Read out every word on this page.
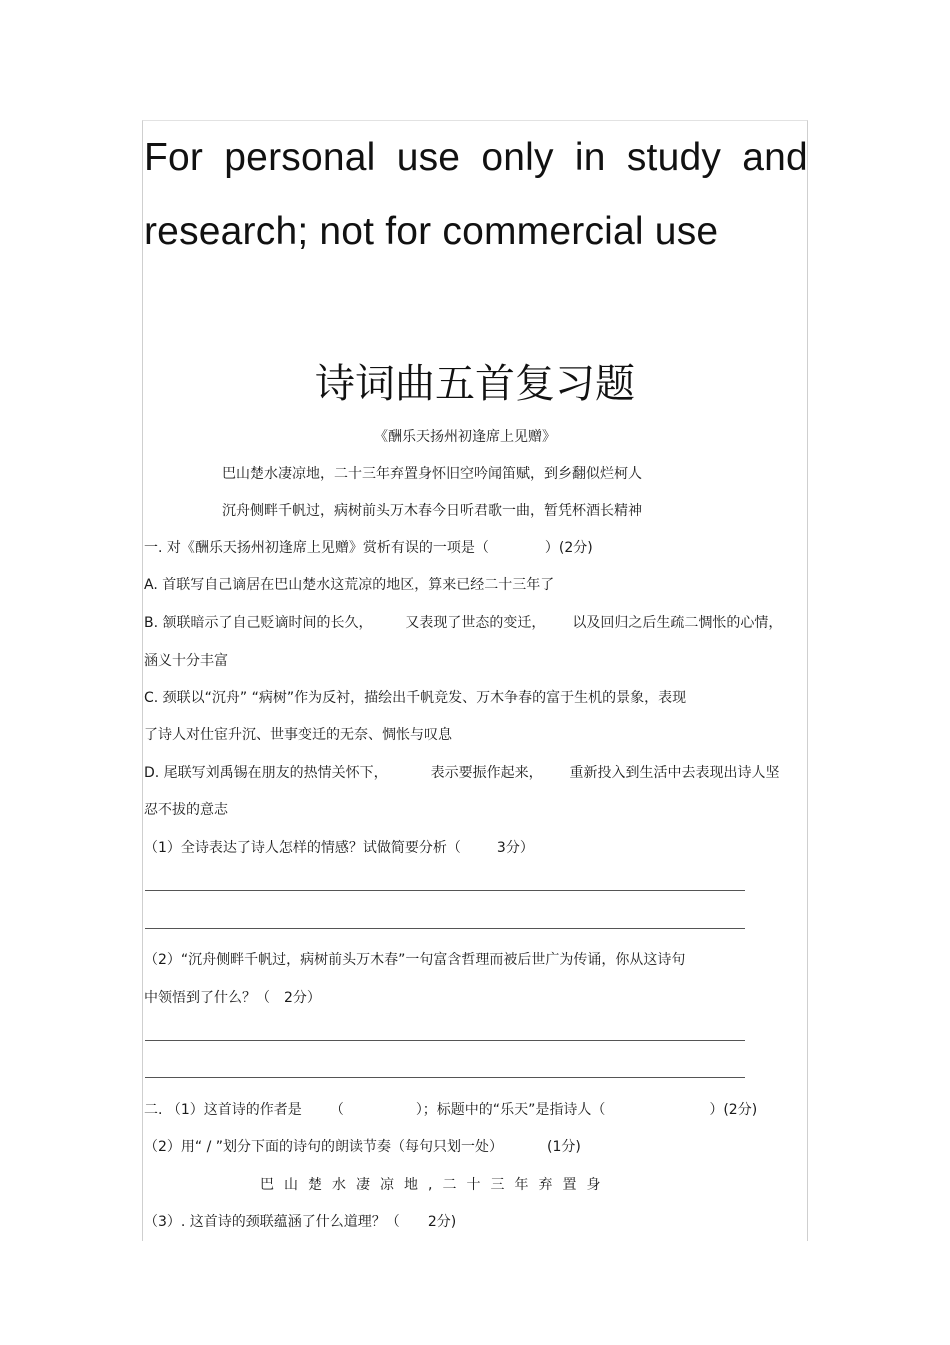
For personal use only in study and
research; not for commercial use
诗词曲五首复习题
《酬乐天扬州初逢席上见赠》
巴山楚水凄凉地，二十三年弃置身怀旧空吟闻笛赋，到乡翻似烂柯人
沉舟侧畔千帆过，病树前头万木春今日听君歌一曲，暂凭杯酒长精神
一. 对《酬乐天扬州初逢席上见赠》赏析有误的一项是（	）(2分)
A. 首联写自己谪居在巴山楚水这荒凉的地区，算来已经二十三年了
B. 颔联暗示了自己贬谪时间的长久， 又表现了世态的变迁， 以及回归之后生疏二惆怅的心情，
涵义十分丰富
C. 颈联以“沉舟” “病树”作为反衬，描绘出千帆竞发、万木争春的富于生机的景象，表现
了诗人对仕宦升沉、世事变迁的无奈、惆怅与叹息
D. 尾联写刘禹锡在朋友的热情关怀下，	表示要振作起来， 重新投入到生活中去表现出诗人坚
忍不拔的意志
（1）全诗表达了诗人怎样的情感？试做简要分析（	3分）
（2）“沉舟侧畔千帆过，病树前头万木春”一句富含哲理而被后世广为传诵，你从这诗句
中领悟到了什么？（ 2分）
二. （1）这首诗的作者是 （	）；标题中的“乐天”是指诗人（	）(2分)
（2）用“ / ”划分下面的诗句的朗读节奏（每句只划一处）	(1分)
巴山楚水凄凉地,二十三年弃置身
（3）. 这首诗的颈联蕴涵了什么道理？（ 2分)
